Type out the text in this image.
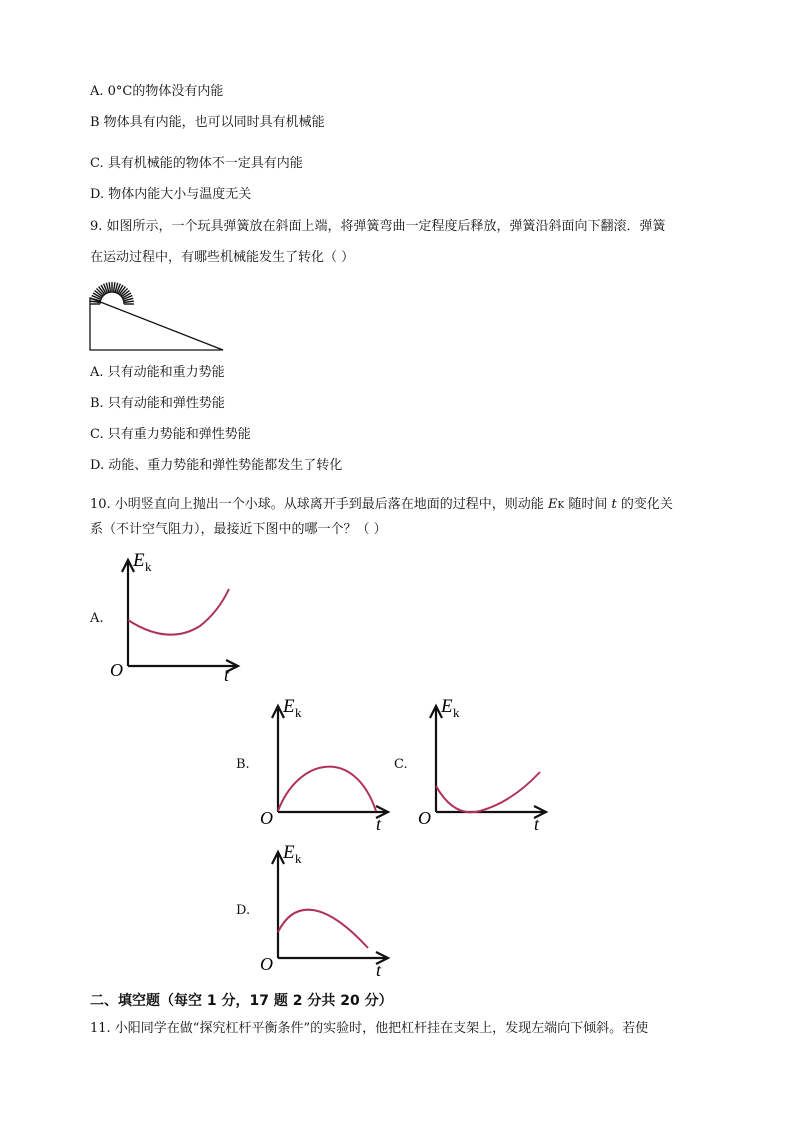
A. 0°C的物体没有内能
B 物体具有内能，也可以同时具有机械能
C. 具有机械能的物体不一定具有内能
D. 物体内能大小与温度无关
9. 如图所示，一个玩具弹簧放在斜面上端，将弹簧弯曲一定程度后释放，弹簧沿斜面向下翻滚．弹簧
在运动过程中，有哪些机械能发生了转化（ ）
A. 只有动能和重力势能
B. 只有动能和弹性势能
C. 只有重力势能和弹性势能
D. 动能、重力势能和弹性势能都发生了转化
10. 小明竖直向上抛出一个小球。从球离开手到最后落在地面的过程中，则动能 EK 随时间 t 的变化关
系（不计空气阻力），最接近下图中的哪一个？（ ）
A.
E k
O	t
B.
E k
O	t
C.
E k
O	t
D.
E k
O	t
二、填空题（每空 1 分，17 题 2 分共 20 分）
11. 小阳同学在做“探究杠杆平衡条件”的实验时，他把杠杆挂在支架上，发现左端向下倾斜。若使
